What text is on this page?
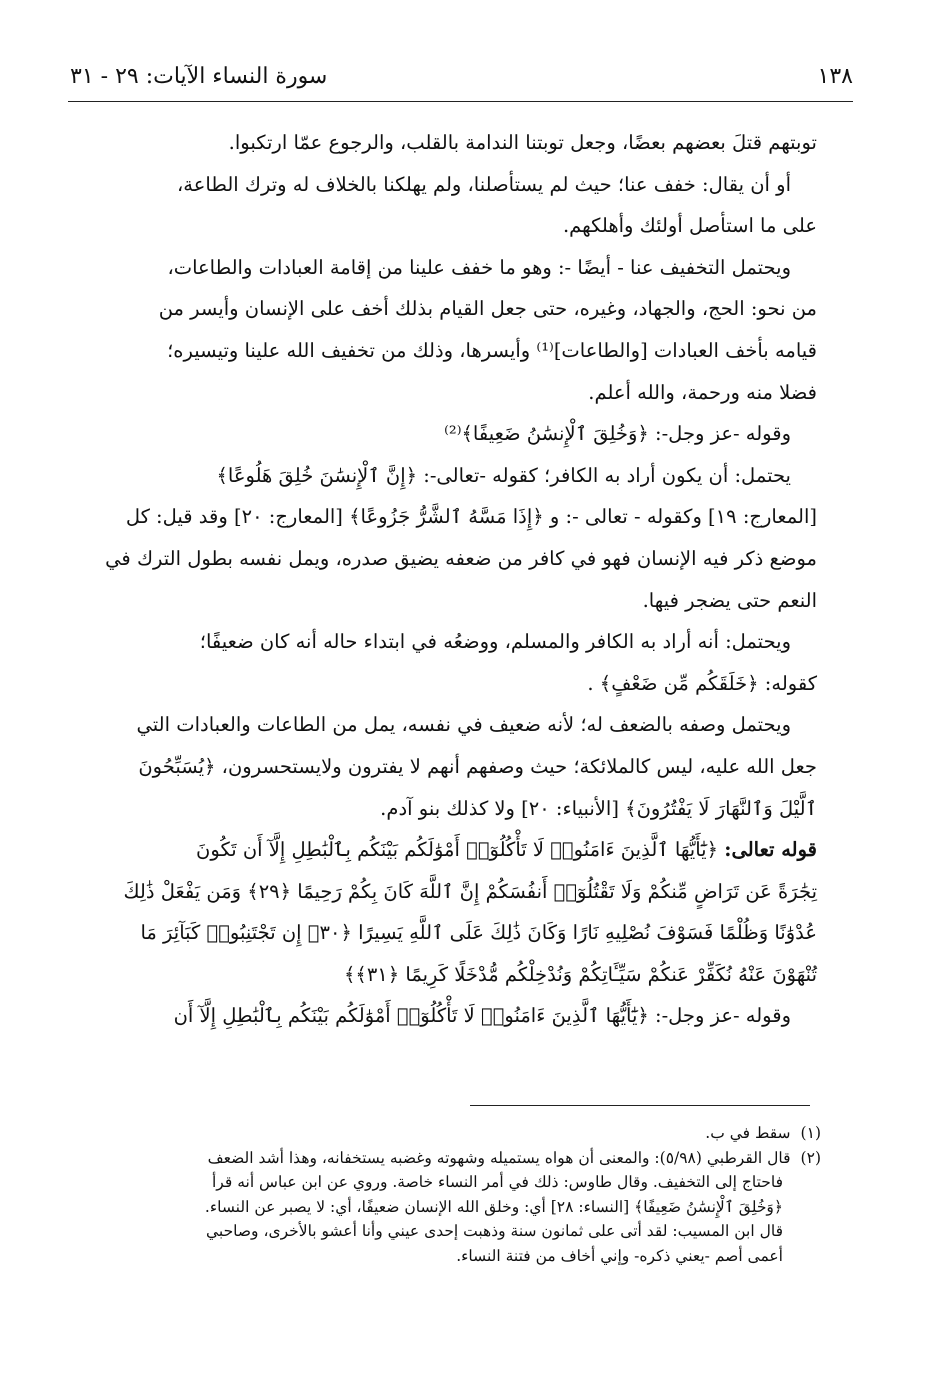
١٣٨
سورة النساء الآيات: ٢٩ - ٣١
توبتهم قتلَ بعضهم بعضًا، وجعل توبتنا الندامة بالقلب، والرجوع عمّا ارتكبوا.
أو أن يقال: خفف عنا؛ حيث لم يستأصلنا، ولم يهلكنا بالخلاف له وترك الطاعة،
على ما استأصل أولئك وأهلكهم.
ويحتمل التخفيف عنا - أيضًا -: وهو ما خفف علينا من إقامة العبادات والطاعات،
من نحو: الحج، والجهاد، وغيره، حتى جعل القيام بذلك أخف على الإنسان وأيسر من
قيامه بأخف العبادات [والطاعات]⁽¹⁾ وأيسرها، وذلك من تخفيف الله علينا وتيسيره؛
فضلا منه ورحمة، والله أعلم.
وقوله -عز وجل-: ﴿وَخُلِقَ ٱلْإِنسَٰنُ ضَعِيفًا﴾⁽²⁾
يحتمل: أن يكون أراد به الكافر؛ كقوله -تعالى-: ﴿إِنَّ ٱلْإِنسَٰنَ خُلِقَ هَلُوعًا﴾
[المعارج: ١٩] وكقوله - تعالى -: و ﴿إِذَا مَسَّهُ ٱلشَّرُّ جَزُوعًا﴾ [المعارج: ٢٠] وقد قيل: كل
موضع ذكر فيه الإنسان فهو في كافر من ضعفه يضيق صدره، ويمل نفسه بطول الترك في
النعم حتى يضجر فيها.
ويحتمل: أنه أراد به الكافر والمسلم، ووضعُه في ابتداء حاله أنه كان ضعيفًا؛
كقوله: ﴿خَلَقَكُم مِّن ضَعْفٍ﴾ .
ويحتمل وصفه بالضعف له؛ لأنه ضعيف في نفسه، يمل من الطاعات والعبادات التي
جعل الله عليه، ليس كالملائكة؛ حيث وصفهم أنهم لا يفترون ولايستحسرون، ﴿يُسَبِّحُونَ
ٱلَّيْلَ وَٱلنَّهَارَ لَا يَفْتُرُونَ﴾ [الأنبياء: ٢٠] ولا كذلك بنو آدم.
قوله تعالى: ﴿يَٰٓأَيُّهَا ٱلَّذِينَ ءَامَنُوا۟ لَا تَأْكُلُوٓا۟ أَمْوَٰلَكُم بَيْنَكُم بِٱلْبَٰطِلِ إِلَّآ أَن تَكُونَ
تِجَٰرَةً عَن تَرَاضٍ مِّنكُمْ وَلَا تَقْتُلُوٓا۟ أَنفُسَكُمْ إِنَّ ٱللَّهَ كَانَ بِكُمْ رَحِيمًا ﴿٢٩﴾ وَمَن يَفْعَلْ ذَٰلِكَ
عُدْوَٰنًا وَظُلْمًا فَسَوْفَ نُصْلِيهِ نَارًا وَكَانَ ذَٰلِكَ عَلَى ٱللَّهِ يَسِيرًا ﴿٣٠﴾ إِن تَجْتَنِبُوا۟ كَبَآئِرَ مَا
تُنْهَوْنَ عَنْهُ نُكَفِّرْ عَنكُمْ سَيِّـَٔاتِكُمْ وَنُدْخِلْكُم مُّدْخَلًا كَرِيمًا ﴿٣١﴾﴾
وقوله -عز وجل-: ﴿يَٰٓأَيُّهَا ٱلَّذِينَ ءَامَنُوا۟ لَا تَأْكُلُوٓا۟ أَمْوَٰلَكُم بَيْنَكُم بِٱلْبَٰطِلِ إِلَّآ أَن
(١)
سقط في ب.
(٢)
قال القرطبي (٥/٩٨): والمعنى أن هواه يستميله وشهوته وغضبه يستخفانه، وهذا أشد الضعف
فاحتاج إلى التخفيف. وقال طاوس: ذلك في أمر النساء خاصة. وروي عن ابن عباس أنه قرأ
﴿وَخُلِقَ ٱلْإِنسَٰنُ ضَعِيفًا﴾ [النساء: ٢٨] أي: وخلق الله الإنسان ضعيفًا، أي: لا يصبر عن النساء.
قال ابن المسيب: لقد أتى على ثمانون سنة وذهبت إحدى عيني وأنا أعشو بالأخرى، وصاحبي
أعمى أصم -يعني ذكره- وإني أخاف من فتنة النساء.
